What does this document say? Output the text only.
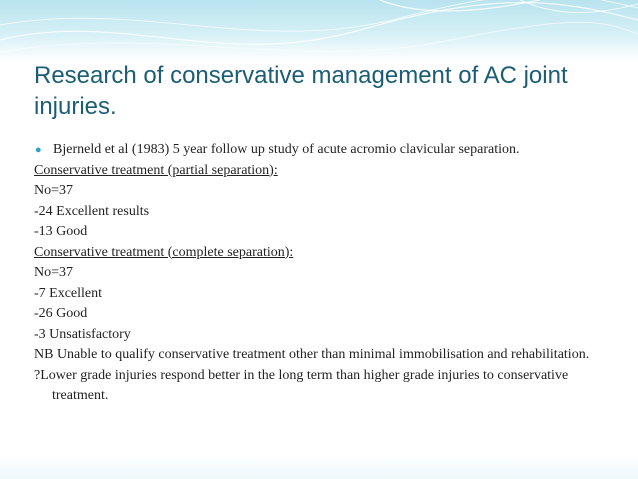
Research of conservative management of AC joint injuries.
● Bjerneld et al (1983) 5 year follow up study of acute acromio clavicular separation.
Conservative treatment (partial separation):
No=37
-24 Excellent results
-13 Good
Conservative treatment (complete separation):
No=37
-7 Excellent
-26 Good
-3 Unsatisfactory
NB Unable to qualify conservative treatment other than minimal immobilisation and rehabilitation.
?Lower grade injuries respond better in the long term than higher grade injuries to conservative treatment.
